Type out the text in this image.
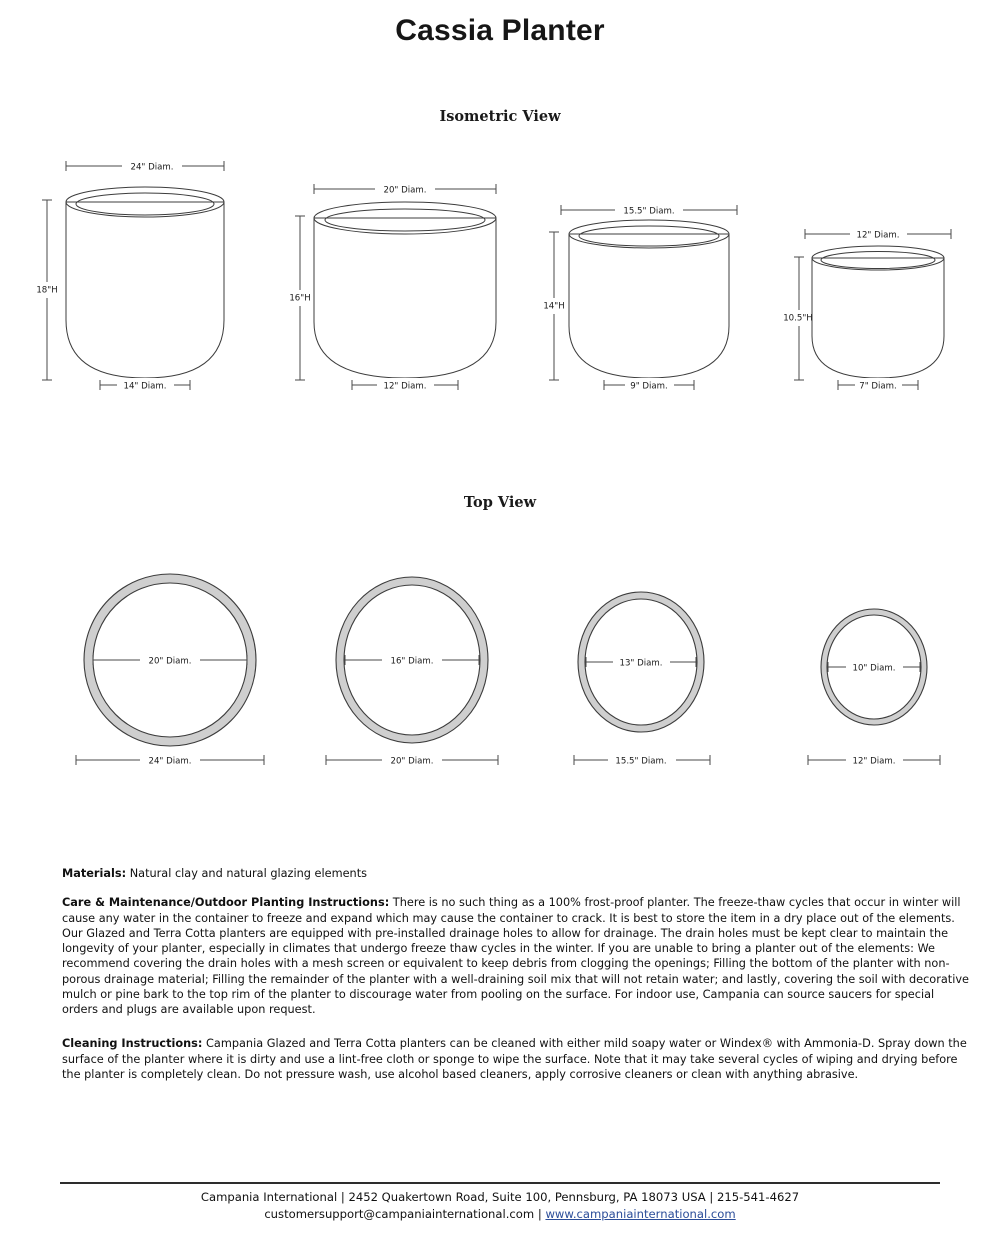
Cassia Planter
Isometric View
24" Diam.
18"H
14" Diam.
20" Diam.
16"H
12" Diam.
15.5" Diam.
14"H
9" Diam.
12" Diam.
10.5"H
7" Diam.
Top View
20" Diam.
24" Diam.
16" Diam.
20" Diam.
13" Diam.
15.5" Diam.
10" Diam.
12" Diam.

Materials: Natural clay and natural glazing elements

Care & Maintenance/Outdoor Planting Instructions: There is no such thing as a 100% frost-proof planter. The freeze-thaw cycles that occur in winter will cause any water in the container to freeze and expand which may cause the container to crack. It is best to store the item in a dry place out of the elements. Our Glazed and Terra Cotta planters are equipped with pre-installed drainage holes to allow for drainage. The drain holes must be kept clear to maintain the longevity of your planter, especially in climates that undergo freeze thaw cycles in the winter. If you are unable to bring a planter out of the elements: We recommend covering the drain holes with a mesh screen or equivalent to keep debris from clogging the openings; Filling the bottom of the planter with non-porous drainage material; Filling the remainder of the planter with a well-draining soil mix that will not retain water; and lastly, covering the soil with decorative mulch or pine bark to the top rim of the planter to discourage water from pooling on the surface. For indoor use, Campania can source saucers for special orders and plugs are available upon request.

Cleaning Instructions: Campania Glazed and Terra Cotta planters can be cleaned with either mild soapy water or Windex® with Ammonia-D. Spray down the surface of the planter where it is dirty and use a lint-free cloth or sponge to wipe the surface. Note that it may take several cycles of wiping and drying before the planter is completely clean. Do not pressure wash, use alcohol based cleaners, apply corrosive cleaners or clean with anything abrasive.

Campania International | 2452 Quakertown Road, Suite 100, Pennsburg, PA 18073 USA | 215-541-4627
customersupport@campaniainternational.com | www.campaniainternational.com
